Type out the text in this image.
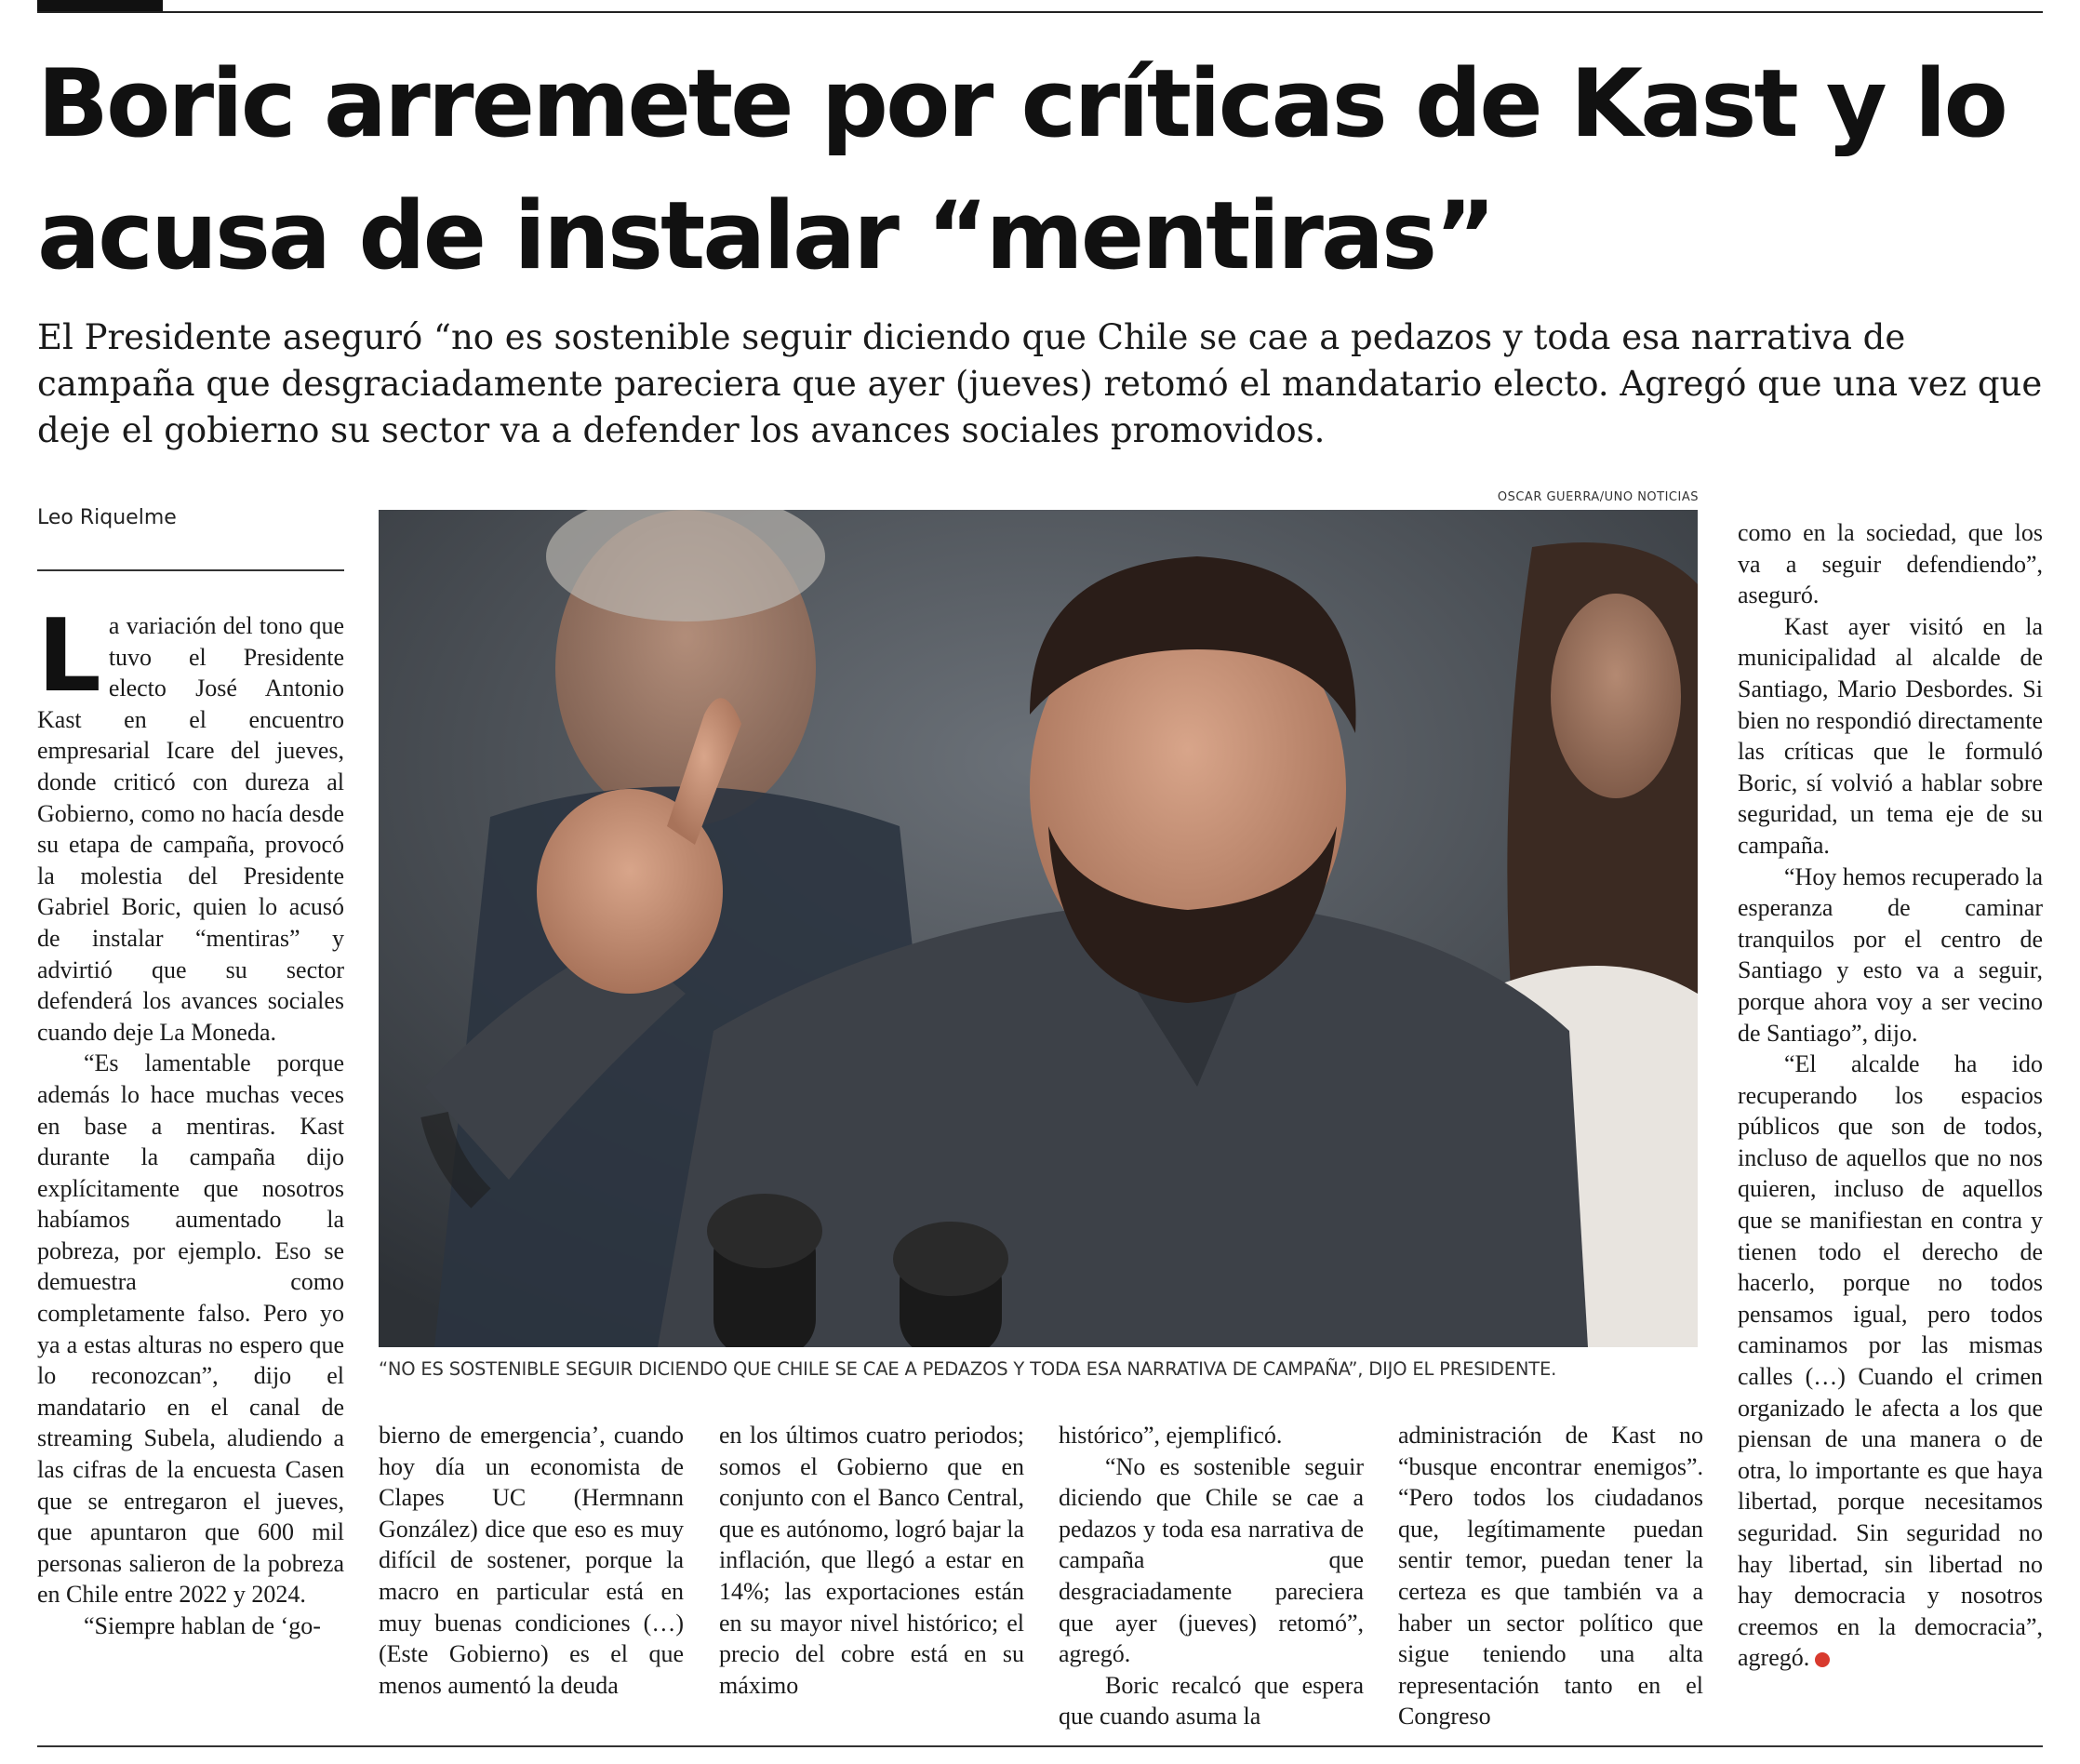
Boric arremete por críticas de Kast y lo acusa de instalar “mentiras”

El Presidente aseguró “no es sostenible seguir diciendo que Chile se cae a pedazos y toda esa narrativa de campaña que desgraciadamente pareciera que ayer (jueves) retomó el mandatario electo. Agregó que una vez que deje el gobierno su sector va a defender los avances sociales promovidos.

Leo Riquelme
OSCAR GUERRA/UNO NOTICIAS
“NO ES SOSTENIBLE SEGUIR DICIENDO QUE CHILE SE CAE A PEDAZOS Y TODA ESA NARRATIVA DE CAMPAÑA”, DIJO EL PRESIDENTE.

La variación del tono que tuvo el Presidente electo José Antonio Kast en el encuentro empresarial Icare del jueves, donde criticó con dureza al Gobierno, como no hacía desde su etapa de campaña, provocó la molestia del Presidente Gabriel Boric, quien lo acusó de instalar “mentiras” y advirtió que su sector defenderá los avances sociales cuando deje La Moneda.

“Es lamentable porque además lo hace muchas veces en base a mentiras. Kast durante la campaña dijo explícitamente que nosotros habíamos aumentado la pobreza, por ejemplo. Eso se demuestra como completamente falso. Pero yo ya a estas alturas no espero que lo reconozcan”, dijo el mandatario en el canal de streaming Subela, aludiendo a las cifras de la encuesta Casen que se entregaron el jueves, que apuntaron que 600 mil personas salieron de la pobreza en Chile entre 2022 y 2024.

“Siempre hablan de ‘go-

bierno de emergencia’, cuando hoy día un economista de Clapes UC (Hermnann González) dice que eso es muy difícil de sostener, porque la macro en particular está en muy buenas condiciones (…) (Este Gobierno) es el que menos aumentó la deuda

en los últimos cuatro periodos; somos el Gobierno que en conjunto con el Banco Central, que es autónomo, logró bajar la inflación, que llegó a estar en 14%; las exportaciones están en su mayor nivel histórico; el precio del cobre está en su máximo

histórico”, ejemplificó.

“No es sostenible seguir diciendo que Chile se cae a pedazos y toda esa narrativa de campaña que desgraciadamente pareciera que ayer (jueves) retomó”, agregó.

Boric recalcó que espera que cuando asuma la

administración de Kast no “busque encontrar enemigos”. “Pero todos los ciudadanos que, legítimamente puedan sentir temor, puedan tener la certeza es que también va a haber un sector político que sigue teniendo una alta representación tanto en el Congreso

como en la sociedad, que los va a seguir defendiendo”, aseguró.

Kast ayer visitó en la municipalidad al alcalde de Santiago, Mario Desbordes. Si bien no respondió directamente las críticas que le formuló Boric, sí volvió a hablar sobre seguridad, un tema eje de su campaña.

“Hoy hemos recuperado la esperanza de caminar tranquilos por el centro de Santiago y esto va a seguir, porque ahora voy a ser vecino de Santiago”, dijo.

“El alcalde ha ido recuperando los espacios públicos que son de todos, incluso de aquellos que no nos quieren, incluso de aquellos que se manifiestan en contra y tienen todo el derecho de hacerlo, porque no todos pensamos igual, pero todos caminamos por las mismas calles (…) Cuando el crimen organizado le afecta a los que piensan de una manera o de otra, lo importante es que haya libertad, porque necesitamos seguridad. Sin seguridad no hay libertad, sin libertad no hay democracia y nosotros creemos en la democracia”, agregó.	✪
